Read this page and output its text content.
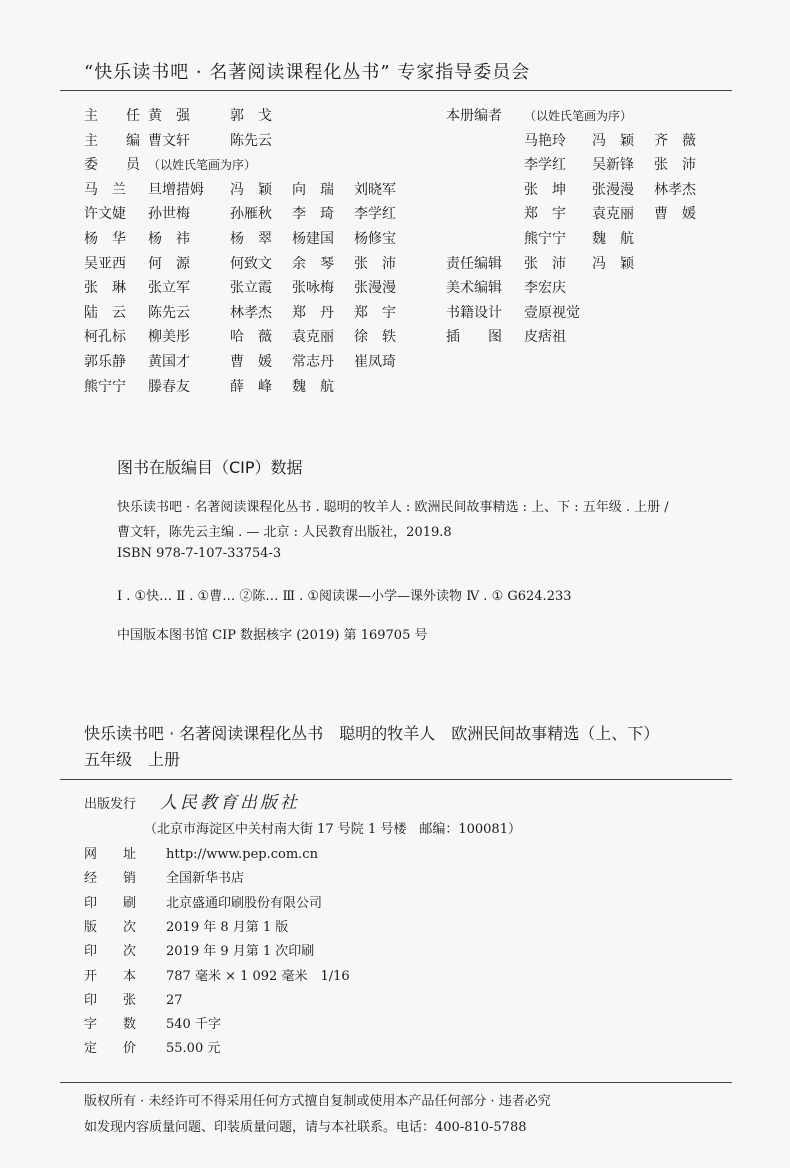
“快乐读书吧 · 名著阅读课程化丛书” 专家指导委员会
主　　任 黄　强	郭　戈
主　　编 曹文轩	陈先云
委　　员 （以姓氏笔画为序）
马　兰 旦增措姆 冯　颖 向　瑞 刘晓军
许文婕 孙世梅	孙雁秋 李　琦 李学红
杨　华 杨　祎	杨　翠 杨建国 杨修宝
吴亚西 何　源	何致文 余　琴 张　沛
张　琳 张立军	张立霞 张咏梅 张漫漫
陆　云 陈先云	林孝杰 郑　丹 郑　宇
柯孔标 柳美彤	哈　薇 袁克丽 徐　轶
郭乐静 黄国才	曹　媛 常志丹 崔凤琦
熊宁宁 滕春友	薛　峰 魏　航
本册编者 （以姓氏笔画为序）
马艳玲 冯　颖 齐　薇
李学红 吴新锋 张　沛
张　坤 张漫漫 林孝杰
郑　宇 袁克丽 曹　媛
熊宁宁 魏　航
责任编辑 张　沛 冯　颖
美术编辑 李宏庆
书籍设计 壹原视觉
插　　图 皮痞祖
图书在版编目（CIP）数据
快乐读书吧 · 名著阅读课程化丛书 . 聪明的牧羊人 : 欧洲民间故事精选 : 上、下 : 五年级 . 上册 /
曹文轩，陈先云主编 . — 北京 : 人民教育出版社，2019.8
ISBN 978-7-107-33754-3
Ⅰ . ①快… Ⅱ . ①曹… ②陈… Ⅲ . ①阅读课—小学—课外读物 Ⅳ . ① G624.233
中国版本图书馆 CIP 数据核字 (2019) 第 169705 号
快乐读书吧 · 名著阅读课程化丛书　聪明的牧羊人　欧洲民间故事精选（上、下）
五年级　上册
出版发行 人民教育出版社
（北京市海淀区中关村南大街 17 号院 1 号楼　邮编：100081）
网　　址 http://www.pep.com.cn
经　　销 全国新华书店
印　　刷 北京盛通印刷股份有限公司
版　　次 2019 年 8 月第 1 版
印　　次 2019 年 9 月第 1 次印刷
开　　本 787 毫米 × 1 092 毫米　1/16
印　　张 27
字　　数 540 千字
定　　价 55.00 元
版权所有 · 未经许可不得采用任何方式擅自复制或使用本产品任何部分 · 违者必究
如发现内容质量问题、印装质量问题，请与本社联系。电话：400-810-5788
